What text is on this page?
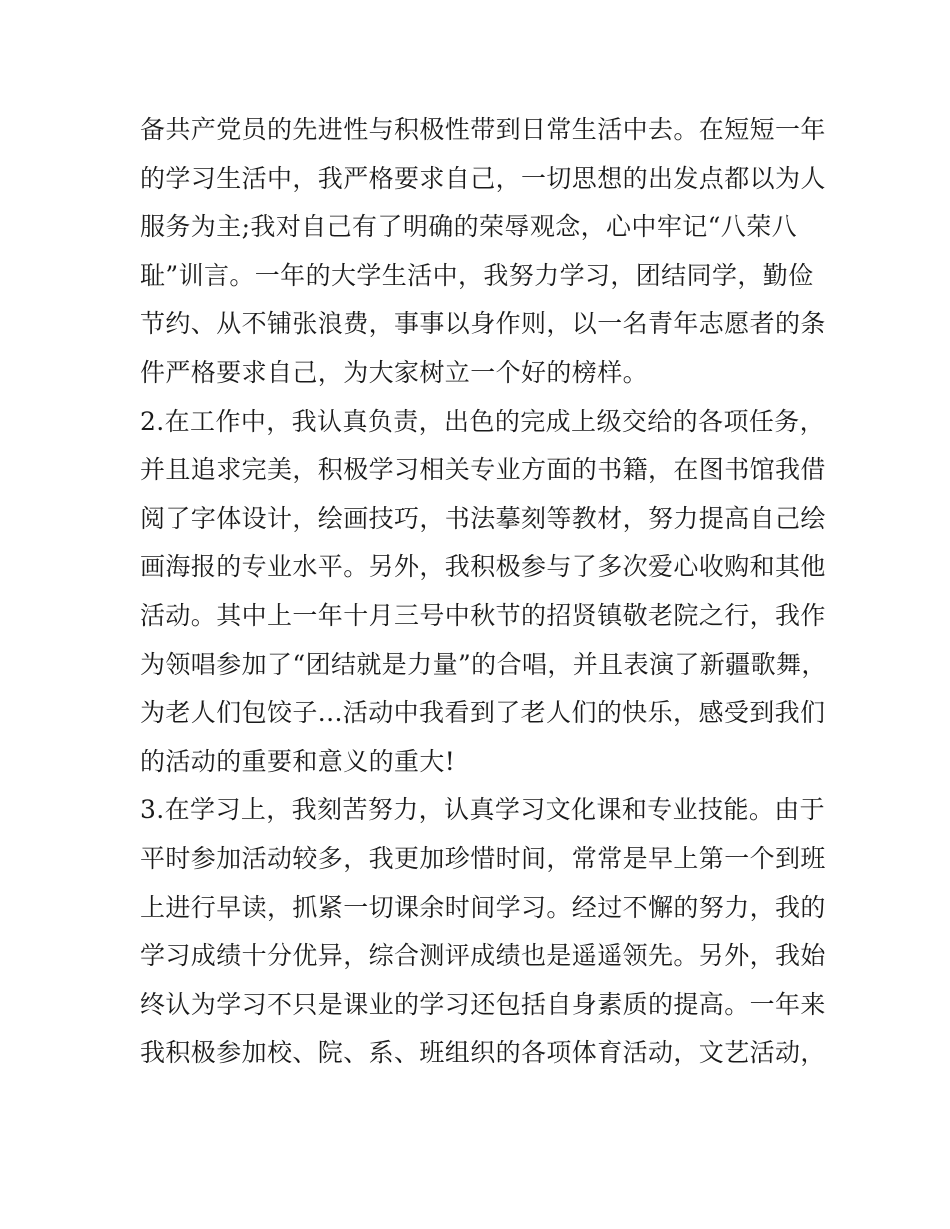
备共产党员的先进性与积极性带到日常生活中去。在短短一年
的学习生活中，我严格要求自己，一切思想的出发点都以为人
服务为主;我对自己有了明确的荣辱观念，心中牢记“八荣八
耻”训言。一年的大学生活中，我努力学习，团结同学，勤俭
节约、从不铺张浪费，事事以身作则，以一名青年志愿者的条
件严格要求自己，为大家树立一个好的榜样。
2.在工作中，我认真负责，出色的完成上级交给的各项任务，
并且追求完美，积极学习相关专业方面的书籍，在图书馆我借
阅了字体设计，绘画技巧，书法摹刻等教材，努力提高自己绘
画海报的专业水平。另外，我积极参与了多次爱心收购和其他
活动。其中上一年十月三号中秋节的招贤镇敬老院之行，我作
为领唱参加了“团结就是力量”的合唱，并且表演了新疆歌舞，
为老人们包饺子...活动中我看到了老人们的快乐，感受到我们
的活动的重要和意义的重大!
3.在学习上，我刻苦努力，认真学习文化课和专业技能。由于
平时参加活动较多，我更加珍惜时间，常常是早上第一个到班
上进行早读，抓紧一切课余时间学习。经过不懈的努力，我的
学习成绩十分优异，综合测评成绩也是遥遥领先。另外，我始
终认为学习不只是课业的学习还包括自身素质的提高。一年来
我积极参加校、院、系、班组织的各项体育活动，文艺活动，
